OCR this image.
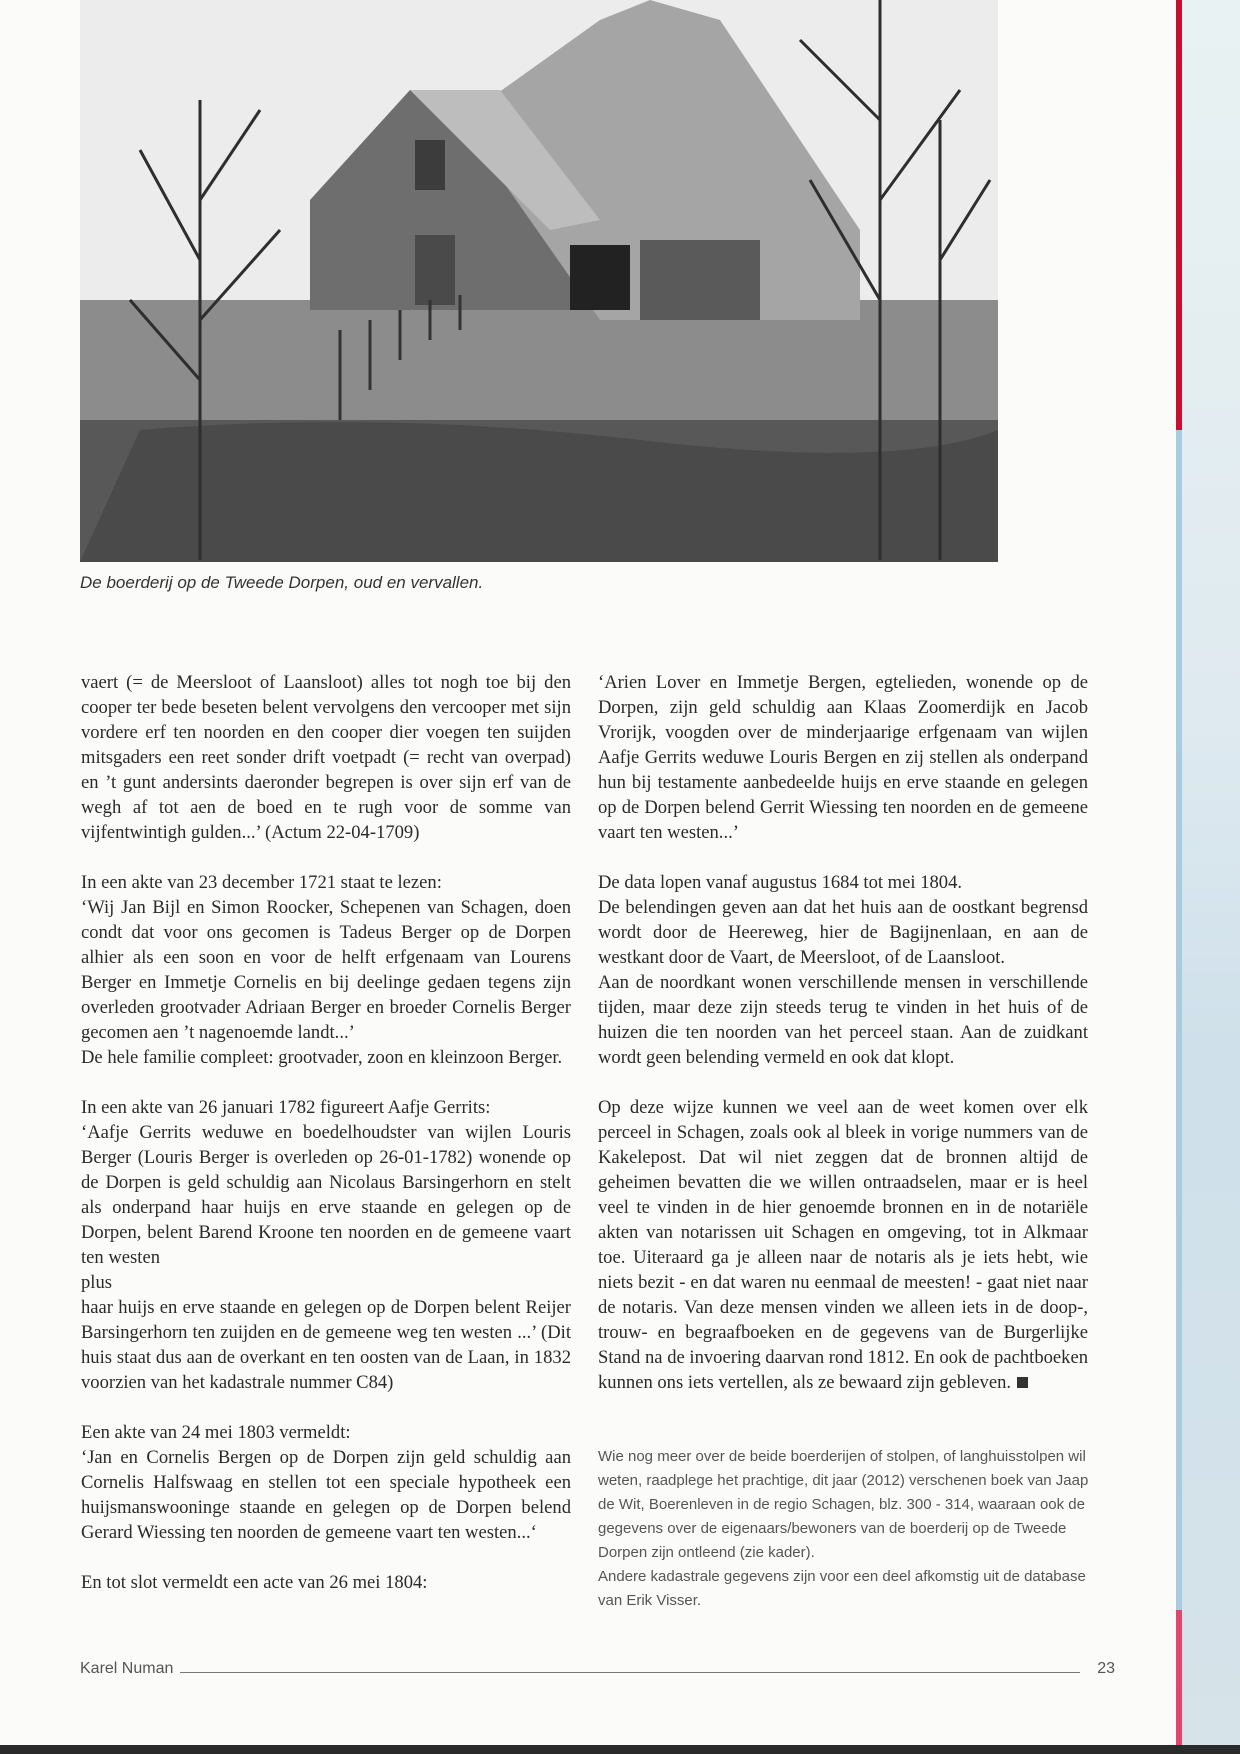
De boerderij op de Tweede Dorpen, oud en vervallen.

vaert (= de Meersloot of Laansloot) alles tot nogh toe bij den cooper ter bede beseten belent vervolgens den vercooper met sijn vordere erf ten noorden en den cooper dier voegen ten suijden mitsgaders een reet sonder drift voetpadt (= recht van overpad) en ’t gunt andersints daeronder begrepen is over sijn erf van de wegh af tot aen de boed en te rugh voor de somme van vijfentwintigh gulden...’ (Actum 22-04-1709)

In een akte van 23 december 1721 staat te lezen:
‘Wij Jan Bijl en Simon Roocker, Schepenen van Schagen, doen condt dat voor ons gecomen is Tadeus Berger op de Dorpen alhier als een soon en voor de helft erfgenaam van Lourens Berger en Immetje Cornelis en bij deelinge gedaen tegens zijn overleden grootvader Adriaan Berger en broeder Cornelis Berger gecomen aen ’t nagenoemde landt...’
De hele familie compleet: grootvader, zoon en kleinzoon Berger.

In een akte van 26 januari 1782 figureert Aafje Gerrits:
‘Aafje Gerrits weduwe en boedelhoudster van wijlen Louris Berger (Louris Berger is overleden op 26-01-1782) wonende op de Dorpen is geld schuldig aan Nicolaus Barsingerhorn en stelt als onderpand haar huijs en erve staande en gelegen op de Dorpen, belent Barend Kroone ten noorden en de gemeene vaart ten westen
plus
haar huijs en erve staande en gelegen op de Dorpen belent Reijer Barsingerhorn ten zuijden en de gemeene weg ten westen ...’ (Dit huis staat dus aan de overkant en ten oosten van de Laan, in 1832 voorzien van het kadastrale nummer C84)

Een akte van 24 mei 1803 vermeldt:
‘Jan en Cornelis Bergen op de Dorpen zijn geld schuldig aan Cornelis Halfswaag en stellen tot een speciale hypotheek een huijsmanswooninge staande en gelegen op de Dorpen belend Gerard Wiessing ten noorden de gemeene vaart ten westen...‘

En tot slot vermeldt een acte van 26 mei 1804:

‘Arien Lover en Immetje Bergen, egtelieden, wonende op de Dorpen, zijn geld schuldig aan Klaas Zoomerdijk en Jacob Vrorijk, voogden over de minderjaarige erfgenaam van wijlen Aafje Gerrits weduwe Louris Bergen en zij stellen als onderpand hun bij testamente aanbedeelde huijs en erve staande en gelegen op de Dorpen belend Gerrit Wiessing ten noorden en de gemeene vaart ten westen...’

De data lopen vanaf augustus 1684 tot mei 1804.
De belendingen geven aan dat het huis aan de oostkant begrensd wordt door de Heereweg, hier de Bagijnenlaan, en aan de westkant door de Vaart, de Meersloot, of de Laansloot.
Aan de noordkant wonen verschillende mensen in verschillende tijden, maar deze zijn steeds terug te vinden in het huis of de huizen die ten noorden van het perceel staan. Aan de zuidkant wordt geen belending vermeld en ook dat klopt.

Op deze wijze kunnen we veel aan de weet komen over elk perceel in Schagen, zoals ook al bleek in vorige nummers van de Kakelepost. Dat wil niet zeggen dat de bronnen altijd de geheimen bevatten die we willen ontraadselen, maar er is heel veel te vinden in de hier genoemde bronnen en in de notariële akten van notarissen uit Schagen en omgeving, tot in Alkmaar toe. Uiteraard ga je alleen naar de notaris als je iets hebt, wie niets bezit - en dat waren nu eenmaal de meesten! - gaat niet naar de notaris. Van deze mensen vinden we alleen iets in de doop-, trouw- en begraafboeken en de gegevens van de Burgerlijke Stand na de invoering daarvan rond 1812. En ook de pachtboeken kunnen ons iets vertellen, als ze bewaard zijn gebleven.

Wie nog meer over de beide boerderijen of stolpen, of langhuisstolpen wil weten, raadplege het prachtige, dit jaar (2012) verschenen boek van Jaap de Wit, Boerenleven in de regio Schagen, blz. 300 - 314, waaraan ook de gegevens over de eigenaars/bewoners van de boerderij op de Tweede Dorpen zijn ontleend (zie kader).
Andere kadastrale gegevens zijn voor een deel afkomstig uit de database van Erik Visser.

Karel Numan	23
